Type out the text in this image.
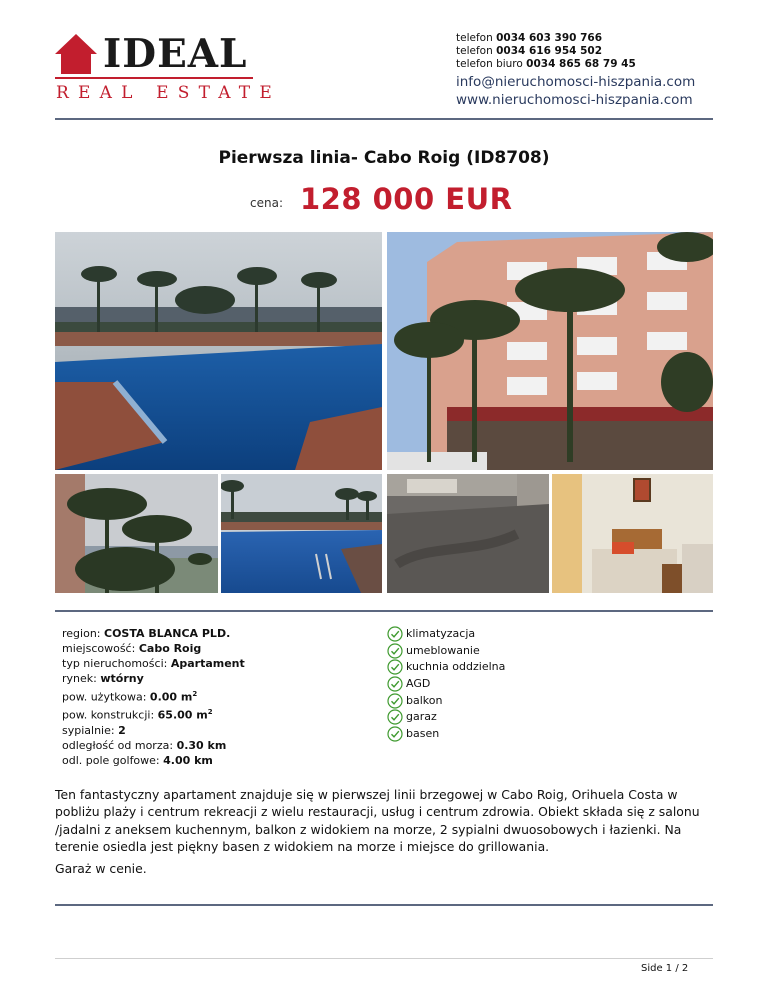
IDEAL
REAL ESTATE
telefon 0034 603 390 766
telefon 0034 616 954 502
telefon biuro 0034 865 68 79 45
info@nieruchomosci-hiszpania.com
www.nieruchomosci-hiszpania.com
Pierwsza linia- Cabo Roig (ID8708)
cena: 128 000 EUR
region: COSTA BLANCA PLD.
miejscowość: Cabo Roig
typ nieruchomości: Apartament
rynek: wtórny
pow. użytkowa: 0.00 $m^2$
pow. konstrukcji: 65.00 $m^2$
sypialnie: 2
odległość od morza: 0.30 km
odl. pole golfowe: 4.00 km
klimatyzacja
umeblowanie
kuchnia oddzielna
AGD
balkon
garaz
basen
Ten fantastyczny apartament znajduje się w pierwszej linii brzegowej w Cabo Roig, Orihuela Costa w pobliżu plaży i centrum rekreacji z wielu restauracji, usług i centrum zdrowia. Obiekt składa się z salonu /jadalni z aneksem kuchennym, balkon z widokiem na morze, 2 sypialni dwuosobowych i łazienki. Na terenie osiedla jest piękny basen z widokiem na morze i miejsce do grillowania.
Garaż w cenie.
Side 1 / 2
